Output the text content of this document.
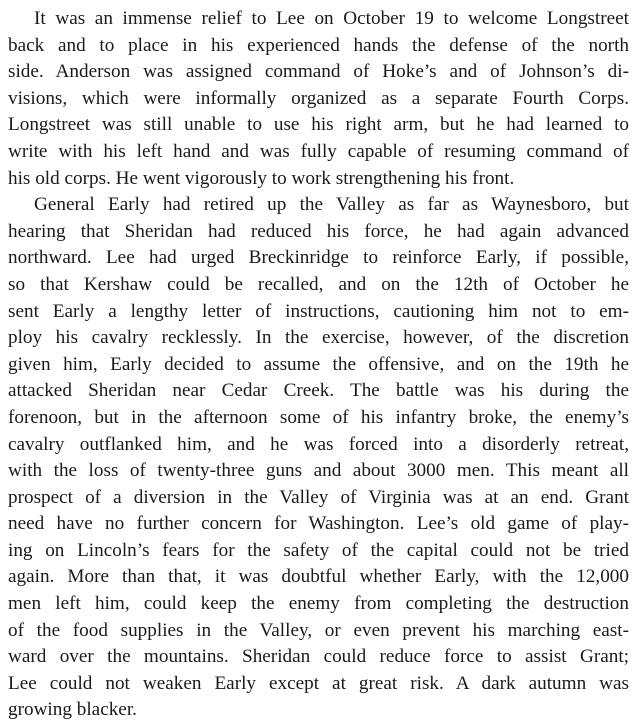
It was an immense relief to Lee on October 19 to welcome Longstreet
back and to place in his experienced hands the defense of the north
side. Anderson was assigned command of Hoke’s and of Johnson’s di-
visions, which were informally organized as a separate Fourth Corps.
Longstreet was still unable to use his right arm, but he had learned to
write with his left hand and was fully capable of resuming command of
his old corps. He went vigorously to work strengthening his front.
General Early had retired up the Valley as far as Waynesboro, but
hearing that Sheridan had reduced his force, he had again advanced
northward. Lee had urged Breckinridge to reinforce Early, if possible,
so that Kershaw could be recalled, and on the 12th of October he
sent Early a lengthy letter of instructions, cautioning him not to em-
ploy his cavalry recklessly. In the exercise, however, of the discretion
given him, Early decided to assume the offensive, and on the 19th he
attacked Sheridan near Cedar Creek. The battle was his during the
forenoon, but in the afternoon some of his infantry broke, the enemy’s
cavalry outflanked him, and he was forced into a disorderly retreat,
with the loss of twenty-three guns and about 3000 men. This meant all
prospect of a diversion in the Valley of Virginia was at an end. Grant
need have no further concern for Washington. Lee’s old game of play-
ing on Lincoln’s fears for the safety of the capital could not be tried
again. More than that, it was doubtful whether Early, with the 12,000
men left him, could keep the enemy from completing the destruction
of the food supplies in the Valley, or even prevent his marching east-
ward over the mountains. Sheridan could reduce force to assist Grant;
Lee could not weaken Early except at great risk. A dark autumn was
growing blacker.
